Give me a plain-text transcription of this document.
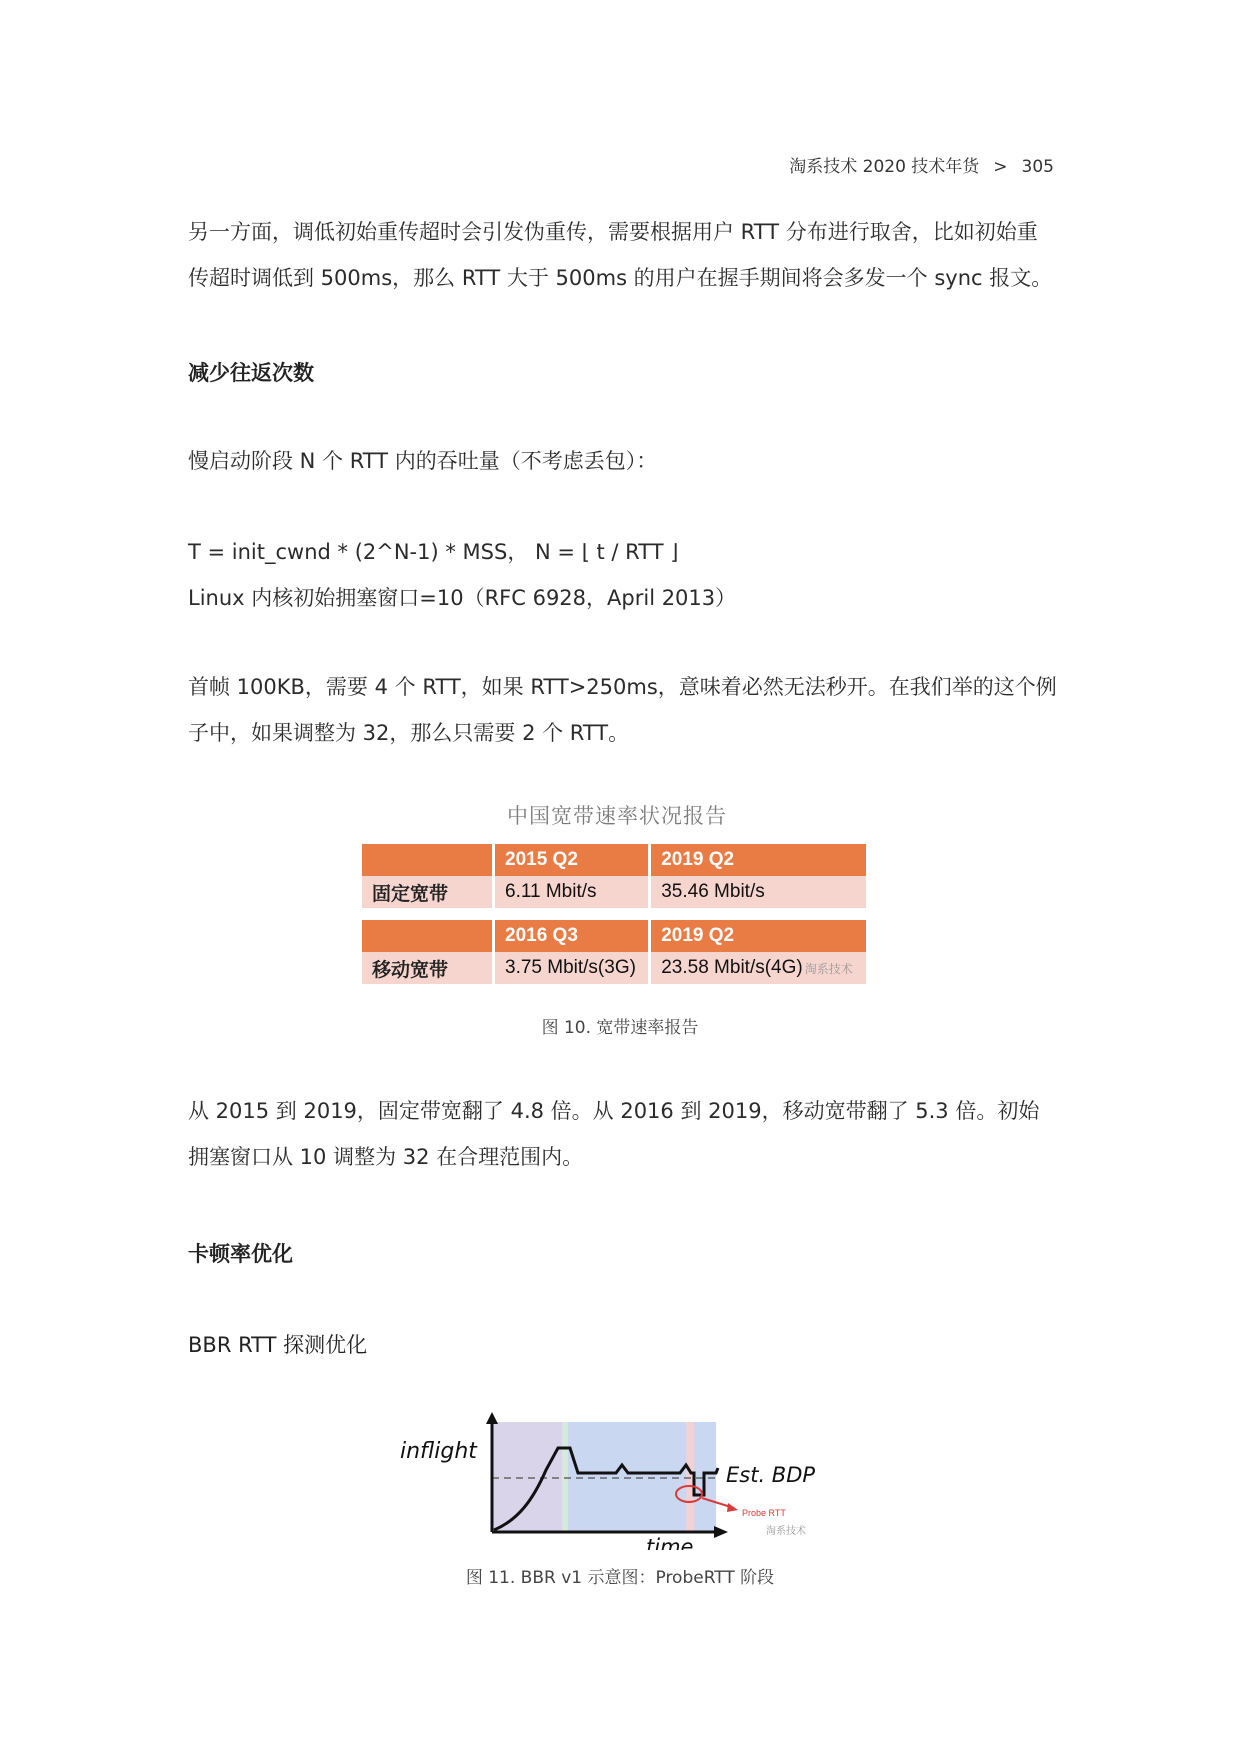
淘系技术 2020 技术年货 > 305

另一方面，调低初始重传超时会引发伪重传，需要根据用户 RTT 分布进行取舍，比如初始重传超时调低到 500ms，那么 RTT 大于 500ms 的用户在握手期间将会多发一个 sync 报文。

减少往返次数

慢启动阶段 N 个 RTT 内的吞吐量（不考虑丢包）：

T = init_cwnd * (2^N-1) * MSS， N = ⌊ t / RTT ⌋

Linux 内核初始拥塞窗口=10（RFC 6928，April 2013）

首帧 100KB，需要 4 个 RTT，如果 RTT>250ms，意味着必然无法秒开。在我们举的这个例子中，如果调整为 32，那么只需要 2 个 RTT。

中国宽带速率状况报告
	2015 Q2	2019 Q2
固定宽带	6.11 Mbit/s	35.46 Mbit/s

	2016 Q3	2019 Q2
移动宽带	3.75 Mbit/s(3G)	23.58 Mbit/s(4G) 淘系技术
图 10. 宽带速率报告

从 2015 到 2019，固定带宽翻了 4.8 倍。从 2016 到 2019，移动宽带翻了 5.3 倍。初始拥塞窗口从 10 调整为 32 在合理范围内。

卡顿率优化

BBR RTT 探测优化

inflight
time
Est. BDP
Probe RTT
淘系技术
图 11. BBR v1 示意图：ProbeRTT 阶段
